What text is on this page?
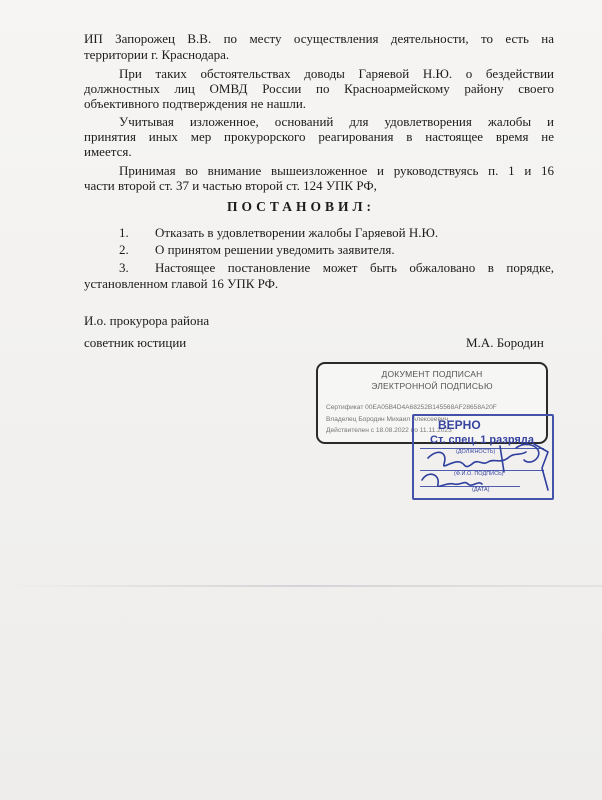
ИП Запорожец В.В. по месту осуществления деятельности, то есть на
территории г. Краснодара.
При таких обстоятельствах доводы Гаряевой Н.Ю. о бездействии
должностных лиц ОМВД России по Красноармейскому району своего
объективного подтверждения не нашли.
Учитывая изложенное, оснований для удовлетворения жалобы и
принятия иных мер прокурорского реагирования в настоящее время не
имеется.
Принимая во внимание вышеизложенное и руководствуясь п. 1 и 16
части второй ст. 37 и частью второй ст. 124 УПК РФ,
ПОСТАНОВИЛ:
1. Отказать в удовлетворении жалобы Гаряевой Н.Ю.
2. О принятом решении уведомить заявителя.
3. Настоящее постановление может быть обжаловано в порядке,
установленном главой 16 УПК РФ.
И.о. прокурора района
советник юстиции	М.А. Бородин
ДОКУМЕНТ ПОДПИСАН
ЭЛЕКТРОННОЙ ПОДПИСЬЮ
Сертификат 00EA05B4D4A68252B145568AF28658A20F
Владелец Бородин Михаил Алексеевич
Действителен с 18.08.2022 по 11.11.2023
ВЕРНО
Ст. спец. 1 разряда
(ДОЛЖНОСТЬ)
(Ф.И.О. ПОДПИСЬ)
(ДАТА)
